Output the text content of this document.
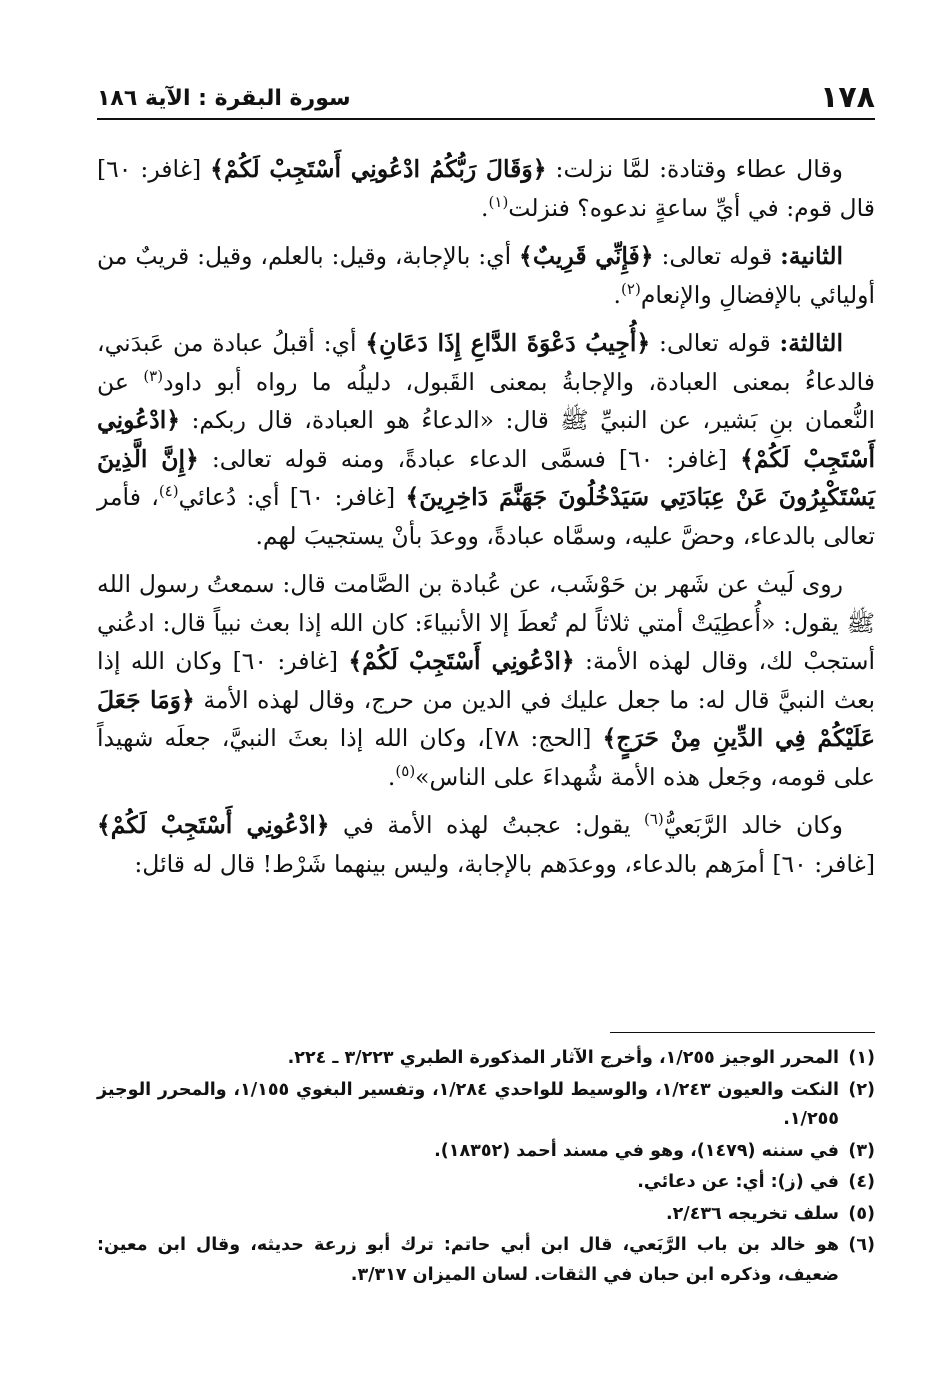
١٧٨
سورة البقرة : الآية ١٨٦

وقال عطاء وقتادة: لمَّا نزلت: ﴿وَقَالَ رَبُّكُمُ ادْعُونِي أَسْتَجِبْ لَكُمْ﴾ [غافر: ٦٠] قال قوم: في أيِّ ساعةٍ ندعوه؟ فنزلت$^{(١)}$.

الثانية: قوله تعالى: ﴿فَإِنِّي قَرِيبٌ﴾ أي: بالإجابة، وقيل: بالعلم، وقيل: قريبٌ من أوليائي بالإفضالِ والإنعام$^{(٢)}$.

الثالثة: قوله تعالى: ﴿أُجِيبُ دَعْوَةَ الدَّاعِ إِذَا دَعَانِ﴾ أي: أقبلُ عبادة من عَبدَني، فالدعاءُ بمعنى العبادة، والإجابةُ بمعنى القَبول، دليلُه ما رواه أبو داود$^{(٣)}$ عن النُّعمان بنِ بَشير، عن النبيِّ ﷺ قال: «الدعاءُ هو العبادة، قال ربكم: ﴿ادْعُونِي أَسْتَجِبْ لَكُمْ﴾ [غافر: ٦٠] فسمَّى الدعاء عبادةً، ومنه قوله تعالى: ﴿إِنَّ الَّذِينَ يَسْتَكْبِرُونَ عَنْ عِبَادَتِي سَيَدْخُلُونَ جَهَنَّمَ دَاخِرِينَ﴾ [غافر: ٦٠] أي: دُعائي$^{(٤)}$، فأمر تعالى بالدعاء، وحضَّ عليه، وسمَّاه عبادةً، ووعدَ بأنْ يستجيبَ لهم.

روى لَيث عن شَهر بن حَوْشَب، عن عُبادة بن الصَّامت قال: سمعتُ رسول الله ﷺ يقول: «أُعطِيَتْ أمتي ثلاثاً لم تُعطَ إلا الأنبياءَ: كان الله إذا بعث نبياً قال: ادعُني أستجبْ لك، وقال لهذه الأمة: ﴿ادْعُونِي أَسْتَجِبْ لَكُمْ﴾ [غافر: ٦٠] وكان الله إذا بعث النبيَّ قال له: ما جعل عليك في الدين من حرج، وقال لهذه الأمة ﴿وَمَا جَعَلَ عَلَيْكُمْ فِي الدِّينِ مِنْ حَرَجٍ﴾ [الحج: ٧٨]، وكان الله إذا بعثَ النبيَّ، جعلَه شهيداً على قومه، وجَعل هذه الأمة شُهداءَ على الناس»$^{(٥)}$.

وكان خالد الرَّبَعيُّ$^{(٦)}$ يقول: عجبتُ لهذه الأمة في ﴿ادْعُونِي أَسْتَجِبْ لَكُمْ﴾ [غافر: ٦٠] أمرَهم بالدعاء، ووعدَهم بالإجابة، وليس بينهما شَرْط! قال له قائل:

(١)
المحرر الوجيز ١/٢٥٥، وأخرج الآثار المذكورة الطبري ٣/٢٢٣ ـ ٢٢٤.
(٢)
النكت والعيون ١/٢٤٣، والوسيط للواحدي ١/٢٨٤، وتفسير البغوي ١/١٥٥، والمحرر الوجيز ١/٢٥٥.
(٣)
في سننه (١٤٧٩)، وهو في مسند أحمد (١٨٣٥٢).
(٤)
في (ز): أي: عن دعائي.
(٥)
سلف تخريجه ٢/٤٣٦.
(٦)
هو خالد بن باب الرَّبَعي، قال ابن أبي حاتم: ترك أبو زرعة حديثه، وقال ابن معين: ضعيف، وذكره ابن حبان في الثقات. لسان الميزان ٣/٣١٧.
